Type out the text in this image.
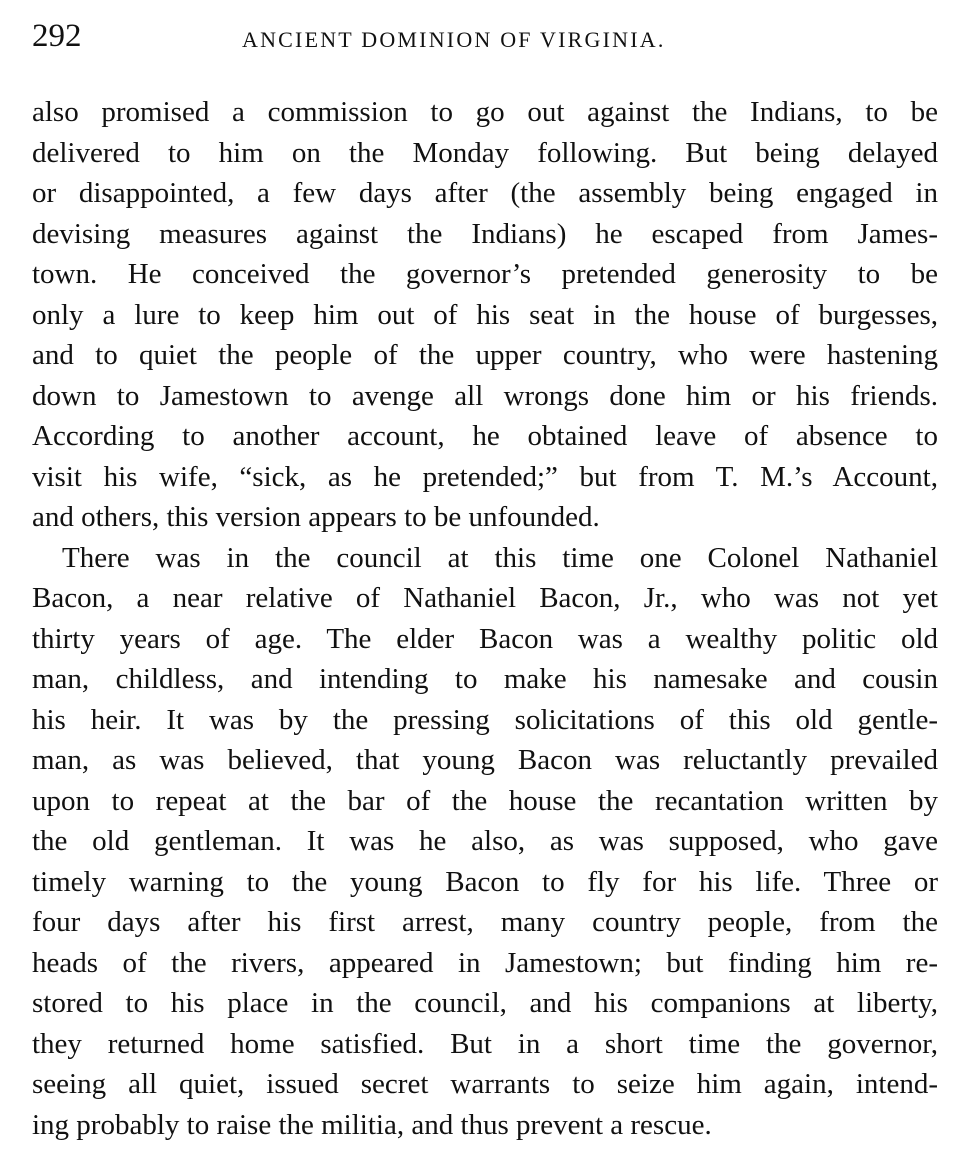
292	ANCIENT DOMINION OF VIRGINIA.
also promised a commission to go out against the Indians, to be
delivered to him on the Monday following. But being delayed
or disappointed, a few days after (the assembly being engaged in
devising measures against the Indians) he escaped from James-
town. He conceived the governor’s pretended generosity to be
only a lure to keep him out of his seat in the house of burgesses,
and to quiet the people of the upper country, who were hastening
down to Jamestown to avenge all wrongs done him or his friends.
According to another account, he obtained leave of absence to
visit his wife, “sick, as he pretended;” but from T. M.’s Account,
and others, this version appears to be unfounded.
There was in the council at this time one Colonel Nathaniel
Bacon, a near relative of Nathaniel Bacon, Jr., who was not yet
thirty years of age. The elder Bacon was a wealthy politic old
man, childless, and intending to make his namesake and cousin
his heir. It was by the pressing solicitations of this old gentle-
man, as was believed, that young Bacon was reluctantly prevailed
upon to repeat at the bar of the house the recantation written by
the old gentleman. It was he also, as was supposed, who gave
timely warning to the young Bacon to fly for his life. Three or
four days after his first arrest, many country people, from the
heads of the rivers, appeared in Jamestown; but finding him re-
stored to his place in the council, and his companions at liberty,
they returned home satisfied. But in a short time the governor,
seeing all quiet, issued secret warrants to seize him again, intend-
ing probably to raise the militia, and thus prevent a rescue.
